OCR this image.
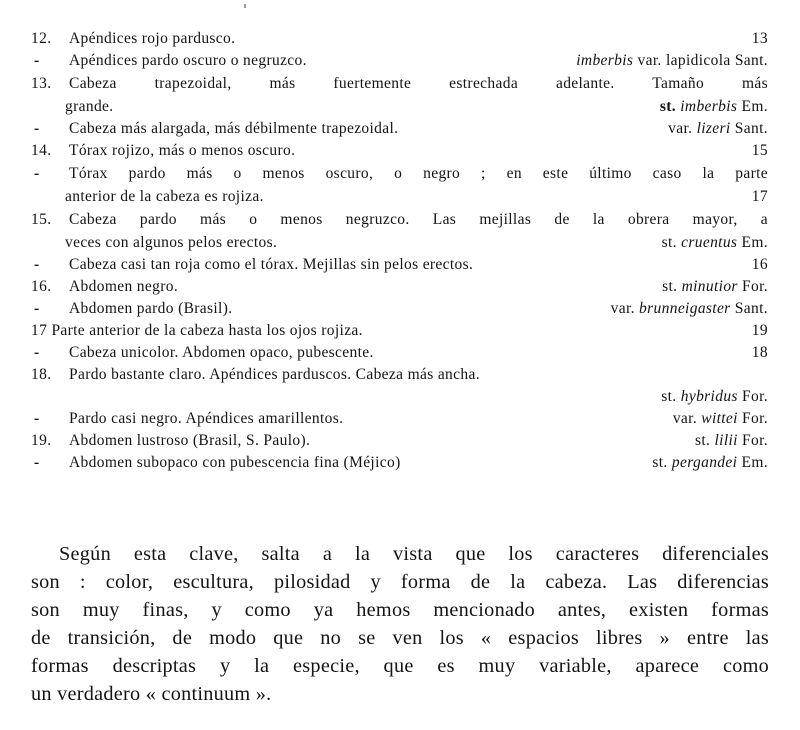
12.	Apéndices rojo parduscо.	13
-	Apéndices pardo oscuro o negruzco.	imberbis var. lapidicola Sant.
13.	Cabeza trapezoidal, más fuertemente estrechada adelante. Tamaño más
grande.	st. imberbis Em.
-	Cabeza más alargada, más débilmente trapezoidal.	var. lizeri Sant.
14.	Tórax rojizo, más o menos oscuro.	15
-	Tórax pardo más o menos oscuro, o negro ; en este último caso la parte
anterior de la cabeza es rojiza.	17
15.	Cabeza pardo más o menos negruzco. Las mejillas de la obrera mayor, a
veces con algunos pelos erectos.	st. cruentus Em.
-	Cabeza casi tan roja como el tórax. Mejillas sin pelos erectos.	16
16.	Abdomen negro.	st. minutior For.
-	Abdomen pardo (Brasil).	var. brunneigaster Sant.
17 Parte anterior de la cabeza hasta los ojos rojiza.	19
-	Cabeza unicolor. Abdomen opaco, pubescente.	18
18.	Pardo bastante claro. Apéndices parduscos. Cabeza más ancha.
st. hybridus For.
-	Pardo casi negro. Apéndices amarillentos.	var. wittei For.
19.	Abdomen lustroso (Brasil, S. Paulo).	st. lilii For.
-	Abdomen subopaco con pubescencia fina (Méjico)	st. pergandei Em.
Según esta clave, salta a la vista que los caracteres diferenciales
son : color, escultura, pilosidad y forma de la cabeza. Las diferencias
son muy finas, y como ya hemos mencionado antes, existen formas
de transición, de modo que no se ven los « espacios libres » entre las
formas descriptas y la especie, que es muy variable, aparece como
un verdadero « continuum ».
